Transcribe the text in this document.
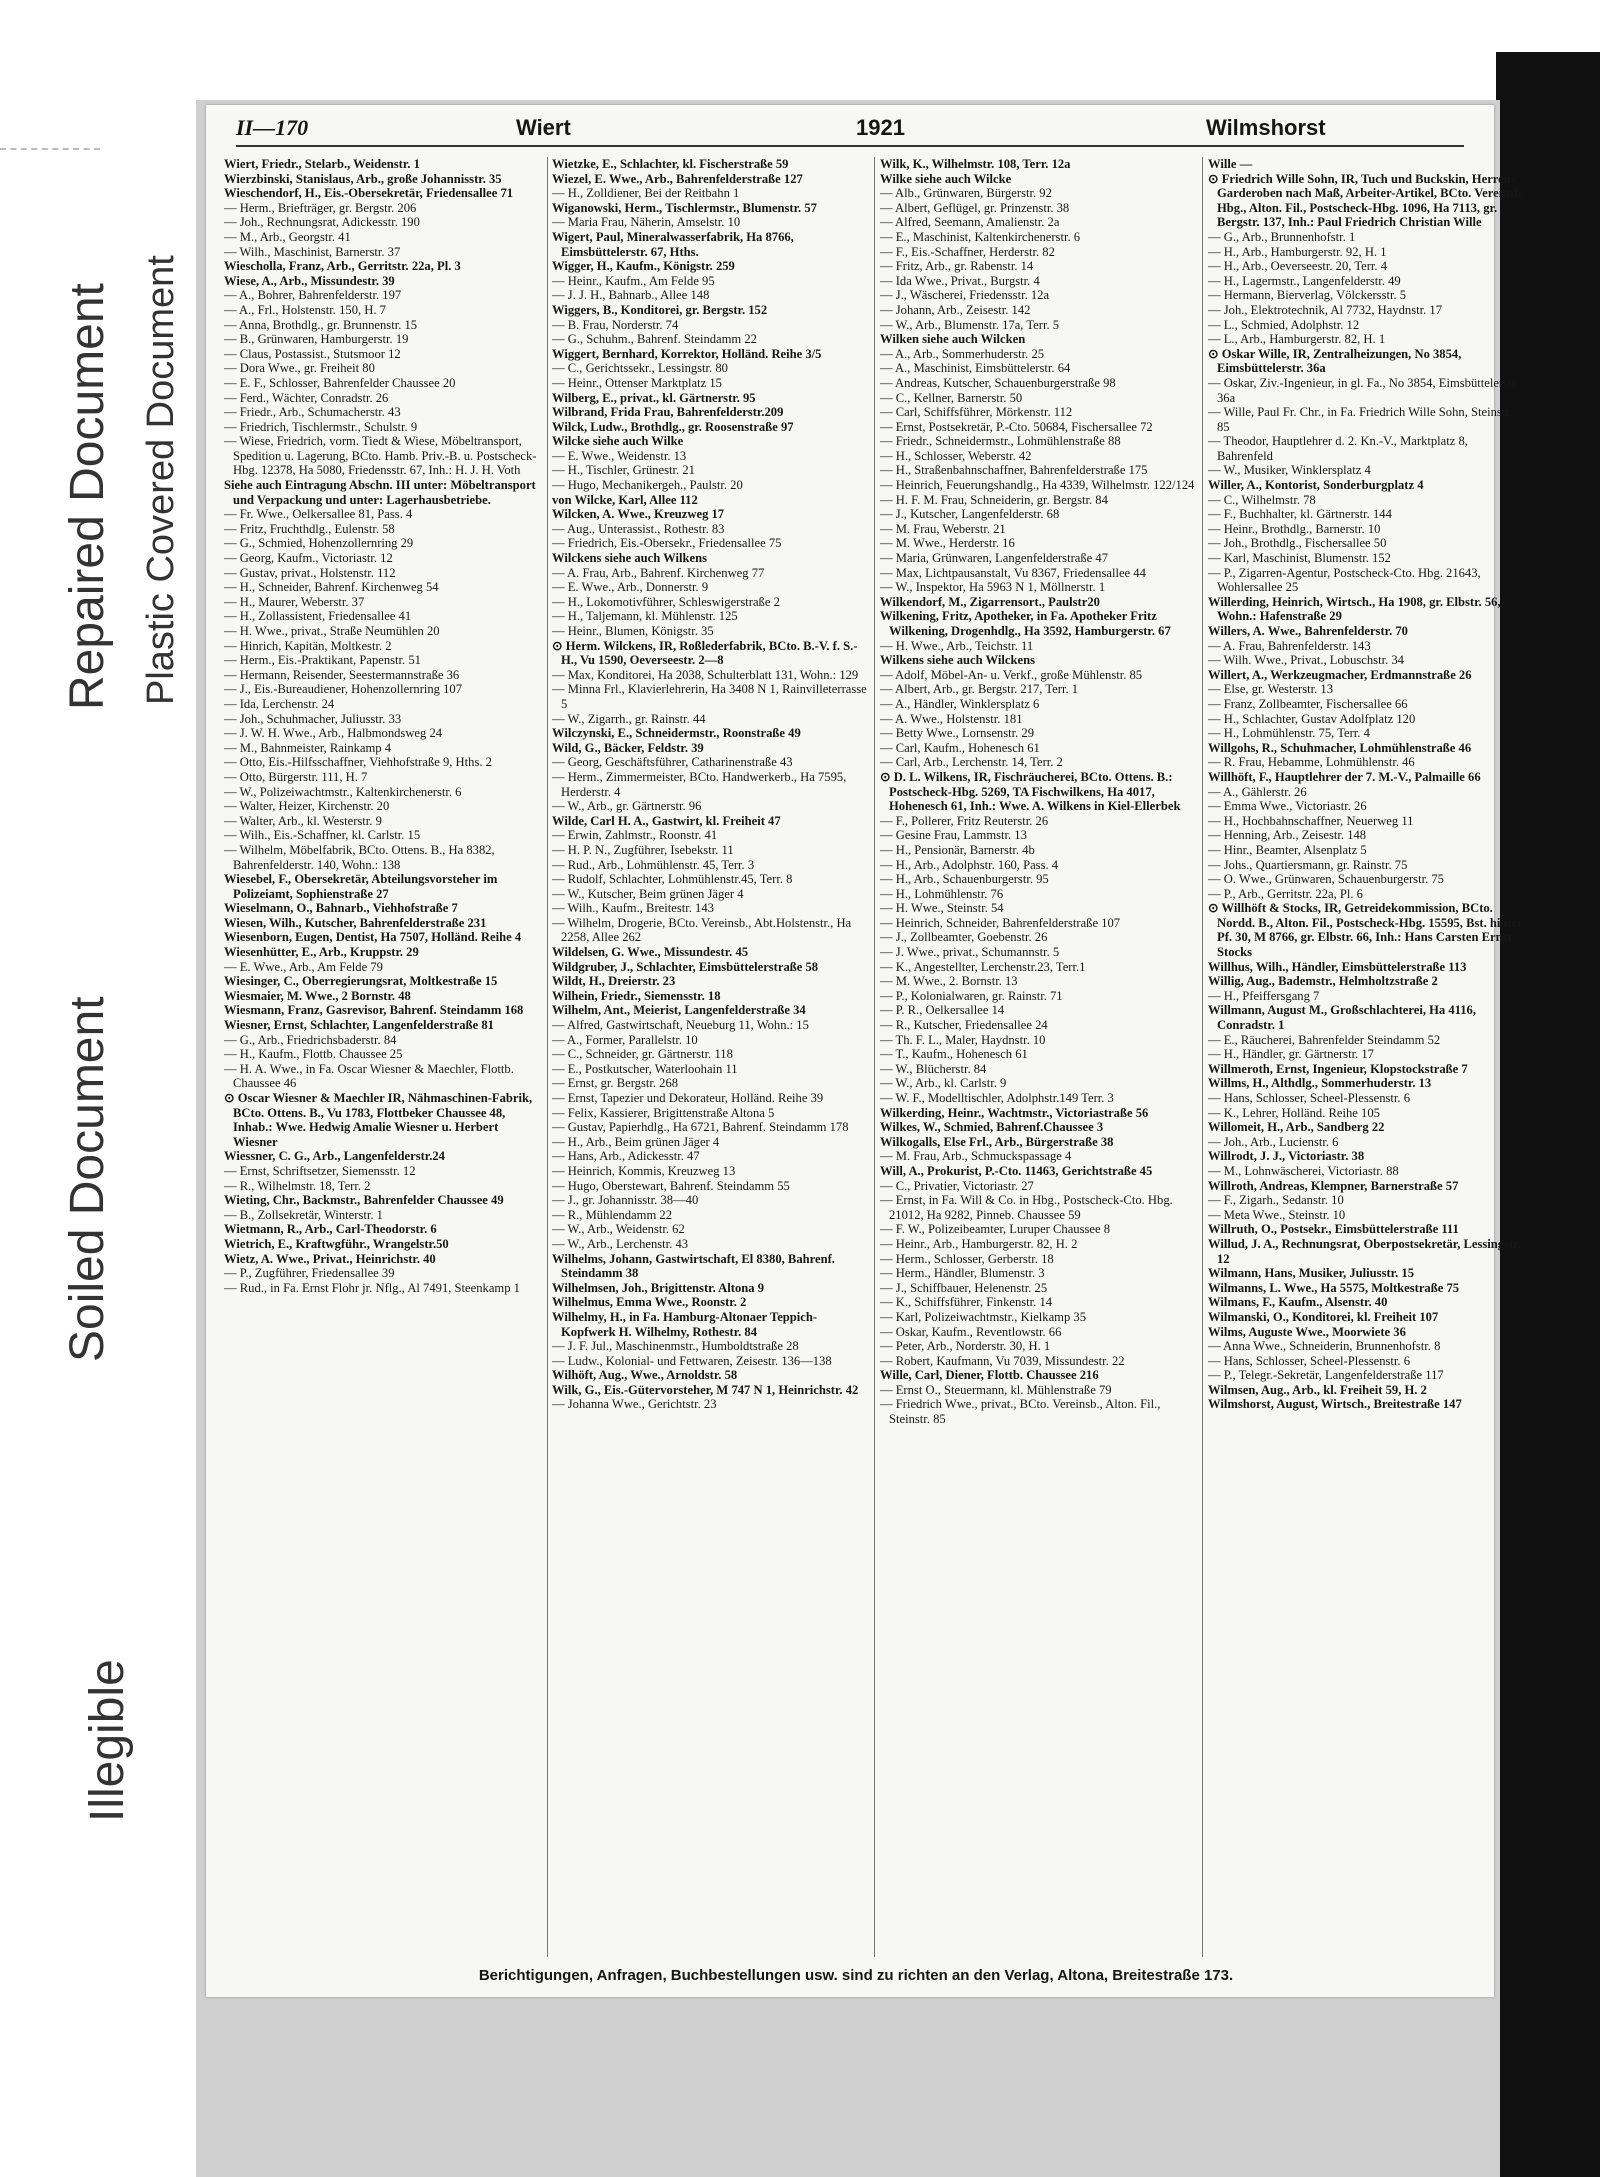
Repaired Document Plastic Covered Document
Soiled Document
Illegible
II—170	Wiert	1921	Wilmshorst

Wiert, Friedr., Stelarb., Weidenstr. 1

Wierzbinski, Stanislaus, Arb., große Johannisstr. 35

Wieschendorf, H., Eis.-Obersekretär, Friedensallee 71

— Herm., Briefträger, gr. Bergstr. 206

— Joh., Rechnungsrat, Adickesstr. 190

— M., Arb., Georgstr. 41

— Wilh., Maschinist, Barnerstr. 37

Wiescholla, Franz, Arb., Gerritstr. 22a, Pl. 3

Wiese, A., Arb., Missundestr. 39

— A., Bohrer, Bahrenfelderstr. 197

— A., Frl., Holstenstr. 150, H. 7

— Anna, Brothdlg., gr. Brunnenstr. 15

— B., Grünwaren, Hamburgerstr. 19

— Claus, Postassist., Stutsmoor 12

— Dora Wwe., gr. Freiheit 80

— E. F., Schlosser, Bahrenfelder Chaussee 20

— Ferd., Wächter, Conradstr. 26

— Friedr., Arb., Schumacherstr. 43

— Friedrich, Tischlermstr., Schulstr. 9

— Wiese, Friedrich, vorm. Tiedt & Wiese, Möbeltransport, Spedition u. Lagerung, BCto. Hamb. Priv.-B. u. Postscheck-Hbg. 12378, Ha 5080, Friedensstr. 67, Inh.: H. J. H. Voth

Siehe auch Eintragung Abschn. III unter: Möbeltransport und Verpackung und unter: Lagerhausbetriebe.

— Fr. Wwe., Oelkersallee 81, Pass. 4

— Fritz, Fruchthdlg., Eulenstr. 58

— G., Schmied, Hohenzollernring 29

— Georg, Kaufm., Victoriastr. 12

— Gustav, privat., Holstenstr. 112

— H., Schneider, Bahrenf. Kirchenweg 54

— H., Maurer, Weberstr. 37

— H., Zollassistent, Friedensallee 41

— H. Wwe., privat., Straße Neumühlen 20

— Hinrich, Kapitän, Moltkestr. 2

— Herm., Eis.-Praktikant, Papenstr. 51

— Hermann, Reisender, Seestermannstraße 36

— J., Eis.-Bureaudiener, Hohenzollernring 107

— Ida, Lerchenstr. 24

— Joh., Schuhmacher, Juliusstr. 33

— J. W. H. Wwe., Arb., Halbmondsweg 24

— M., Bahnmeister, Rainkamp 4

— Otto, Eis.-Hilfsschaffner, Viehhofstraße 9, Hths. 2

— Otto, Bürgerstr. 111, H. 7

— W., Polizeiwachtmstr., Kaltenkirchenerstr. 6

— Walter, Heizer, Kirchenstr. 20

— Walter, Arb., kl. Westerstr. 9

— Wilh., Eis.-Schaffner, kl. Carlstr. 15

— Wilhelm, Möbelfabrik, BCto. Ottens. B., Ha 8382, Bahrenfelderstr. 140, Wohn.: 138

Wiesebel, F., Obersekretär, Abteilungsvorsteher im Polizeiamt, Sophienstraße 27

Wieselmann, O., Bahnarb., Viehhofstraße 7

Wiesen, Wilh., Kutscher, Bahrenfelderstraße 231

Wiesenborn, Eugen, Dentist, Ha 7507, Holländ. Reihe 4

Wiesenhütter, E., Arb., Kruppstr. 29

— E. Wwe., Arb., Am Felde 79

Wiesinger, C., Oberregierungsrat, Moltkestraße 15

Wiesmaier, M. Wwe., 2 Bornstr. 48

Wiesmann, Franz, Gasrevisor, Bahrenf. Steindamm 168

Wiesner, Ernst, Schlachter, Langenfelderstraße 81

— G., Arb., Friedrichsbaderstr. 84

— H., Kaufm., Flottb. Chaussee 25

— H. A. Wwe., in Fa. Oscar Wiesner & Maechler, Flottb. Chaussee 46

⊙ Oscar Wiesner & Maechler IR, Nähmaschinen-Fabrik, BCto. Ottens. B., Vu 1783, Flottbeker Chaussee 48, Inhab.: Wwe. Hedwig Amalie Wiesner u. Herbert Wiesner

Wiessner, C. G., Arb., Langenfelderstr.24

— Ernst, Schriftsetzer, Siemensstr. 12

— R., Wilhelmstr. 18, Terr. 2

Wieting, Chr., Backmstr., Bahrenfelder Chaussee 49

— B., Zollsekretär, Winterstr. 1

Wietmann, R., Arb., Carl-Theodorstr. 6

Wietrich, E., Kraftwgführ., Wrangelstr.50

Wietz, A. Wwe., Privat., Heinrichstr. 40

— P., Zugführer, Friedensallee 39

— Rud., in Fa. Ernst Flohr jr. Nflg., Al 7491, Steenkamp 1

Wietzke, E., Schlachter, kl. Fischerstraße 59

Wiezel, E. Wwe., Arb., Bahrenfelderstraße 127

— H., Zolldiener, Bei der Reitbahn 1

Wiganowski, Herm., Tischlermstr., Blumenstr. 57

— Maria Frau, Näherin, Amselstr. 10

Wigert, Paul, Mineralwasserfabrik, Ha 8766, Eimsbüttelerstr. 67, Hths.

Wigger, H., Kaufm., Königstr. 259

— Heinr., Kaufm., Am Felde 95

— J. J. H., Bahnarb., Allee 148

Wiggers, B., Konditorei, gr. Bergstr. 152

— B. Frau, Norderstr. 74

— G., Schuhm., Bahrenf. Steindamm 22

Wiggert, Bernhard, Korrektor, Holländ. Reihe 3/5

— C., Gerichtssekr., Lessingstr. 80

— Heinr., Ottenser Marktplatz 15

Wilberg, E., privat., kl. Gärtnerstr. 95

Wilbrand, Frida Frau, Bahrenfelderstr.209

Wilck, Ludw., Brothdlg., gr. Roosenstraße 97

Wilcke siehe auch Wilke

— E. Wwe., Weidenstr. 13

— H., Tischler, Grünestr. 21

— Hugo, Mechanikergeh., Paulstr. 20

von Wilcke, Karl, Allee 112

Wilcken, A. Wwe., Kreuzweg 17

— Aug., Unterassist., Rothestr. 83

— Friedrich, Eis.-Obersekr., Friedensallee 75

Wilckens siehe auch Wilkens

— A. Frau, Arb., Bahrenf. Kirchenweg 77

— E. Wwe., Arb., Donnerstr. 9

— H., Lokomotivführer, Schleswigerstraße 2

— H., Taljemann, kl. Mühlenstr. 125

— Heinr., Blumen, Königstr. 35

⊙ Herm. Wilckens, IR, Roßlederfabrik, BCto. B.-V. f. S.-H., Vu 1590, Oeverseestr. 2—8

— Max, Konditorei, Ha 2038, Schulterblatt 131, Wohn.: 129

— Minna Frl., Klavierlehrerin, Ha 3408 N 1, Rainvilleterrasse 5

— W., Zigarrh., gr. Rainstr. 44

Wilczynski, E., Schneidermstr., Roonstraße 49

Wild, G., Bäcker, Feldstr. 39

— Georg, Geschäftsführer, Catharinenstraße 43

— Herm., Zimmermeister, BCto. Handwerkerb., Ha 7595, Herderstr. 4

— W., Arb., gr. Gärtnerstr. 96

Wilde, Carl H. A., Gastwirt, kl. Freiheit 47

— Erwin, Zahlmstr., Roonstr. 41

— H. P. N., Zugführer, Isebekstr. 11

— Rud., Arb., Lohmühlenstr. 45, Terr. 3

— Rudolf, Schlachter, Lohmühlenstr.45, Terr. 8

— W., Kutscher, Beim grünen Jäger 4

— Wilh., Kaufm., Breitestr. 143

— Wilhelm, Drogerie, BCto. Vereinsb., Abt.Holstenstr., Ha 2258, Allee 262

Wildelsen, G. Wwe., Missundestr. 45

Wildgruber, J., Schlachter, Eimsbüttelerstraße 58

Wildt, H., Dreierstr. 23

Wilhein, Friedr., Siemensstr. 18

Wilhelm, Ant., Meierist, Langenfelderstraße 34

— Alfred, Gastwirtschaft, Neueburg 11, Wohn.: 15

— A., Former, Parallelstr. 10

— C., Schneider, gr. Gärtnerstr. 118

— E., Postkutscher, Waterloohain 11

— Ernst, gr. Bergstr. 268

— Ernst, Tapezier und Dekorateur, Holländ. Reihe 39

— Felix, Kassierer, Brigittenstraße Altona 5

— Gustav, Papierhdlg., Ha 6721, Bahrenf. Steindamm 178

— H., Arb., Beim grünen Jäger 4

— Hans, Arb., Adickesstr. 47

— Heinrich, Kommis, Kreuzweg 13

— Hugo, Oberstewart, Bahrenf. Steindamm 55

— J., gr. Johannisstr. 38—40

— R., Mühlendamm 22

— W., Arb., Weidenstr. 62

— W., Arb., Lerchenstr. 43

Wilhelms, Johann, Gastwirtschaft, El 8380, Bahrenf. Steindamm 38

Wilhelmsen, Joh., Brigittenstr. Altona 9

Wilhelmus, Emma Wwe., Roonstr. 2

Wilhelmy, H., in Fa. Hamburg-Altonaer Teppich-Kopfwerk H. Wilhelmy, Rothestr. 84

— J. F. Jul., Maschinenmstr., Humboldtstraße 28

— Ludw., Kolonial- und Fettwaren, Zeisestr. 136—138

Wilhöft, Aug., Wwe., Arnoldstr. 58

Wilk, G., Eis.-Gütervorsteher, M 747 N 1, Heinrichstr. 42

— Johanna Wwe., Gerichtstr. 23

Wilk, K., Wilhelmstr. 108, Terr. 12a

Wilke siehe auch Wilcke

— Alb., Grünwaren, Bürgerstr. 92

— Albert, Geflügel, gr. Prinzenstr. 38

— Alfred, Seemann, Amalienstr. 2a

— E., Maschinist, Kaltenkirchenerstr. 6

— F., Eis.-Schaffner, Herderstr. 82

— Fritz, Arb., gr. Rabenstr. 14

— Ida Wwe., Privat., Burgstr. 4

— J., Wäscherei, Friedensstr. 12a

— Johann, Arb., Zeisestr. 142

— W., Arb., Blumenstr. 17a, Terr. 5

Wilken siehe auch Wilcken

— A., Arb., Sommerhuderstr. 25

— A., Maschinist, Eimsbüttelerstr. 64

— Andreas, Kutscher, Schauenburgerstraße 98

— C., Kellner, Barnerstr. 50

— Carl, Schiffsführer, Mörkenstr. 112

— Ernst, Postsekretär, P.-Cto. 50684, Fischersallee 72

— Friedr., Schneidermstr., Lohmühlenstraße 88

— H., Schlosser, Weberstr. 42

— H., Straßenbahnschaffner, Bahrenfelderstraße 175

— Heinrich, Feuerungshandlg., Ha 4339, Wilhelmstr. 122/124

— H. F. M. Frau, Schneiderin, gr. Bergstr. 84

— J., Kutscher, Langenfelderstr. 68

— M. Frau, Weberstr. 21

— M. Wwe., Herderstr. 16

— Maria, Grünwaren, Langenfelderstraße 47

— Max, Lichtpausanstalt, Vu 8367, Friedensallee 44

— W., Inspektor, Ha 5963 N 1, Möllnerstr. 1

Wilkendorf, M., Zigarrensort., Paulstr20

Wilkening, Fritz, Apotheker, in Fa. Apotheker Fritz Wilkening, Drogenhdlg., Ha 3592, Hamburgerstr. 67

— H. Wwe., Arb., Teichstr. 11

Wilkens siehe auch Wilckens

— Adolf, Möbel-An- u. Verkf., große Mühlenstr. 85

— Albert, Arb., gr. Bergstr. 217, Terr. 1

— A., Händler, Winklersplatz 6

— A. Wwe., Holstenstr. 181

— Betty Wwe., Lornsenstr. 29

— Carl, Kaufm., Hohenesch 61

— Carl, Arb., Lerchenstr. 14, Terr. 2

⊙ D. L. Wilkens, IR, Fischräucherei, BCto. Ottens. B.: Postscheck-Hbg. 5269, TA Fischwilkens, Ha 4017, Hohenesch 61, Inh.: Wwe. A. Wilkens in Kiel-Ellerbek

— F., Pollerer, Fritz Reuterstr. 26

— Gesine Frau, Lammstr. 13

— H., Pensionär, Barnerstr. 4b

— H., Arb., Adolphstr. 160, Pass. 4

— H., Arb., Schauenburgerstr. 95

— H., Lohmühlenstr. 76

— H. Wwe., Steinstr. 54

— Heinrich, Schneider, Bahrenfelderstraße 107

— J., Zollbeamter, Goebenstr. 26

— J. Wwe., privat., Schumannstr. 5

— K., Angestellter, Lerchenstr.23, Terr.1

— M. Wwe., 2. Bornstr. 13

— P., Kolonialwaren, gr. Rainstr. 71

— P. R., Oelkersallee 14

— R., Kutscher, Friedensallee 24

— Th. F. L., Maler, Haydnstr. 10

— T., Kaufm., Hohenesch 61

— W., Blücherstr. 84

— W., Arb., kl. Carlstr. 9

— W. F., Modelltischler, Adolphstr.149 Terr. 3

Wilkerding, Heinr., Wachtmstr., Victoriastraße 56

Wilkes, W., Schmied, Bahrenf.Chaussee 3

Wilkogalls, Else Frl., Arb., Bürgerstraße 38

— M. Frau, Arb., Schmuckspassage 4

Will, A., Prokurist, P.-Cto. 11463, Gerichtstraße 45

— C., Privatier, Victoriastr. 27

— Ernst, in Fa. Will & Co. in Hbg., Postscheck-Cto. Hbg. 21012, Ha 9282, Pinneb. Chaussee 59

— F. W., Polizeibeamter, Luruper Chaussee 8

— Heinr., Arb., Hamburgerstr. 82, H. 2

— Herm., Schlosser, Gerberstr. 18

— Herm., Händler, Blumenstr. 3

— J., Schiffbauer, Helenenstr. 25

— K., Schiffsführer, Finkenstr. 14

— Karl, Polizeiwachtmstr., Kielkamp 35

— Oskar, Kaufm., Reventlowstr. 66

— Peter, Arb., Norderstr. 30, H. 1

— Robert, Kaufmann, Vu 7039, Missundestr. 22

Wille, Carl, Diener, Flottb. Chaussee 216

— Ernst O., Steuermann, kl. Mühlenstraße 79

— Friedrich Wwe., privat., BCto. Vereinsb., Alton. Fil., Steinstr. 85

Wille —

⊙ Friedrich Wille Sohn, IR, Tuch und Buckskin, Herren-Garderoben nach Maß, Arbeiter-Artikel, BCto. Vereinsb. Hbg., Alton. Fil., Postscheck-Hbg. 1096, Ha 7113, gr. Bergstr. 137, Inh.: Paul Friedrich Christian Wille

— G., Arb., Brunnenhofstr. 1

— H., Arb., Hamburgerstr. 92, H. 1

— H., Arb., Oeverseestr. 20, Terr. 4

— H., Lagermstr., Langenfelderstr. 49

— Hermann, Bierverlag, Völckersstr. 5

— Joh., Elektrotechnik, Al 7732, Haydnstr. 17

— L., Schmied, Adolphstr. 12

— L., Arb., Hamburgerstr. 82, H. 1

⊙ Oskar Wille, IR, Zentralheizungen, No 3854, Eimsbüttelerstr. 36a

— Oskar, Ziv.-Ingenieur, in gl. Fa., No 3854, Eimsbüttelerstr. 36a

— Wille, Paul Fr. Chr., in Fa. Friedrich Wille Sohn, Steinstr. 85

— Theodor, Hauptlehrer d. 2. Kn.-V., Marktplatz 8, Bahrenfeld

— W., Musiker, Winklersplatz 4

Willer, A., Kontorist, Sonderburgplatz 4

— C., Wilhelmstr. 78

— F., Buchhalter, kl. Gärtnerstr. 144

— Heinr., Brothdlg., Barnerstr. 10

— Joh., Brothdlg., Fischersallee 50

— Karl, Maschinist, Blumenstr. 152

— P., Zigarren-Agentur, Postscheck-Cto. Hbg. 21643, Wohlersallee 25

Willerding, Heinrich, Wirtsch., Ha 1908, gr. Elbstr. 56, Wohn.: Hafenstraße 29

Willers, A. Wwe., Bahrenfelderstr. 70

— A. Frau, Bahrenfelderstr. 143

— Wilh. Wwe., Privat., Lobuschstr. 34

Willert, A., Werkzeugmacher, Erdmannstraße 26

— Else, gr. Westerstr. 13

— Franz, Zollbeamter, Fischersallee 66

— H., Schlachter, Gustav Adolfplatz 120

— H., Lohmühlenstr. 75, Terr. 4

Willgohs, R., Schuhmacher, Lohmühlenstraße 46

— R. Frau, Hebamme, Lohmühlenstr. 46

Willhöft, F., Hauptlehrer der 7. M.-V., Palmaille 66

— A., Gählerstr. 26

— Emma Wwe., Victoriastr. 26

— H., Hochbahnschaffner, Neuerweg 11

— Henning, Arb., Zeisestr. 148

— Hinr., Beamter, Alsenplatz 5

— Johs., Quartiersmann, gr. Rainstr. 75

— O. Wwe., Grünwaren, Schauenburgerstr. 75

— P., Arb., Gerritstr. 22a, Pl. 6

⊙ Willhöft & Stocks, IR, Getreidekommission, BCto. Nordd. B., Alton. Fil., Postscheck-Hbg. 15595, Bst. hinter Pf. 30, M 8766, gr. Elbstr. 66, Inh.: Hans Carsten Ernst Stocks

Willhus, Wilh., Händler, Eimsbüttelerstraße 113

Willig, Aug., Bademstr., Helmholtzstraße 2

— H., Pfeiffersgang 7

Willmann, August M., Großschlachterei, Ha 4116, Conradstr. 1

— E., Räucherei, Bahrenfelder Steindamm 52

— H., Händler, gr. Gärtnerstr. 17

Willmeroth, Ernst, Ingenieur, Klopstockstraße 7

Willms, H., Althdlg., Sommerhuderstr. 13

— Hans, Schlosser, Scheel-Plessenstr. 6

— K., Lehrer, Holländ. Reihe 105

Willomeit, H., Arb., Sandberg 22

— Joh., Arb., Lucienstr. 6

Willrodt, J. J., Victoriastr. 38

— M., Lohnwäscherei, Victoriastr. 88

Willroth, Andreas, Klempner, Barnerstraße 57

— F., Zigarh., Sedanstr. 10

— Meta Wwe., Steinstr. 10

Willruth, O., Postsekr., Eimsbüttelerstraße 111

Willud, J. A., Rechnungsrat, Oberpostsekretär, Lessingstr. 12

Wilmann, Hans, Musiker, Juliusstr. 15

Wilmanns, L. Wwe., Ha 5575, Moltkestraße 75

Wilmans, F., Kaufm., Alsenstr. 40

Wilmanski, O., Konditorei, kl. Freiheit 107

Wilms, Auguste Wwe., Moorwiete 36

— Anna Wwe., Schneiderin, Brunnenhofstr. 8

— Hans, Schlosser, Scheel-Plessenstr. 6

— P., Telegr.-Sekretär, Langenfelderstraße 117

Wilmsen, Aug., Arb., kl. Freiheit 59, H. 2

Wilmshorst, August, Wirtsch., Breitestraße 147

Berichtigungen, Anfragen, Buchbestellungen usw. sind zu richten an den Verlag, Altona, Breitestraße 173.
